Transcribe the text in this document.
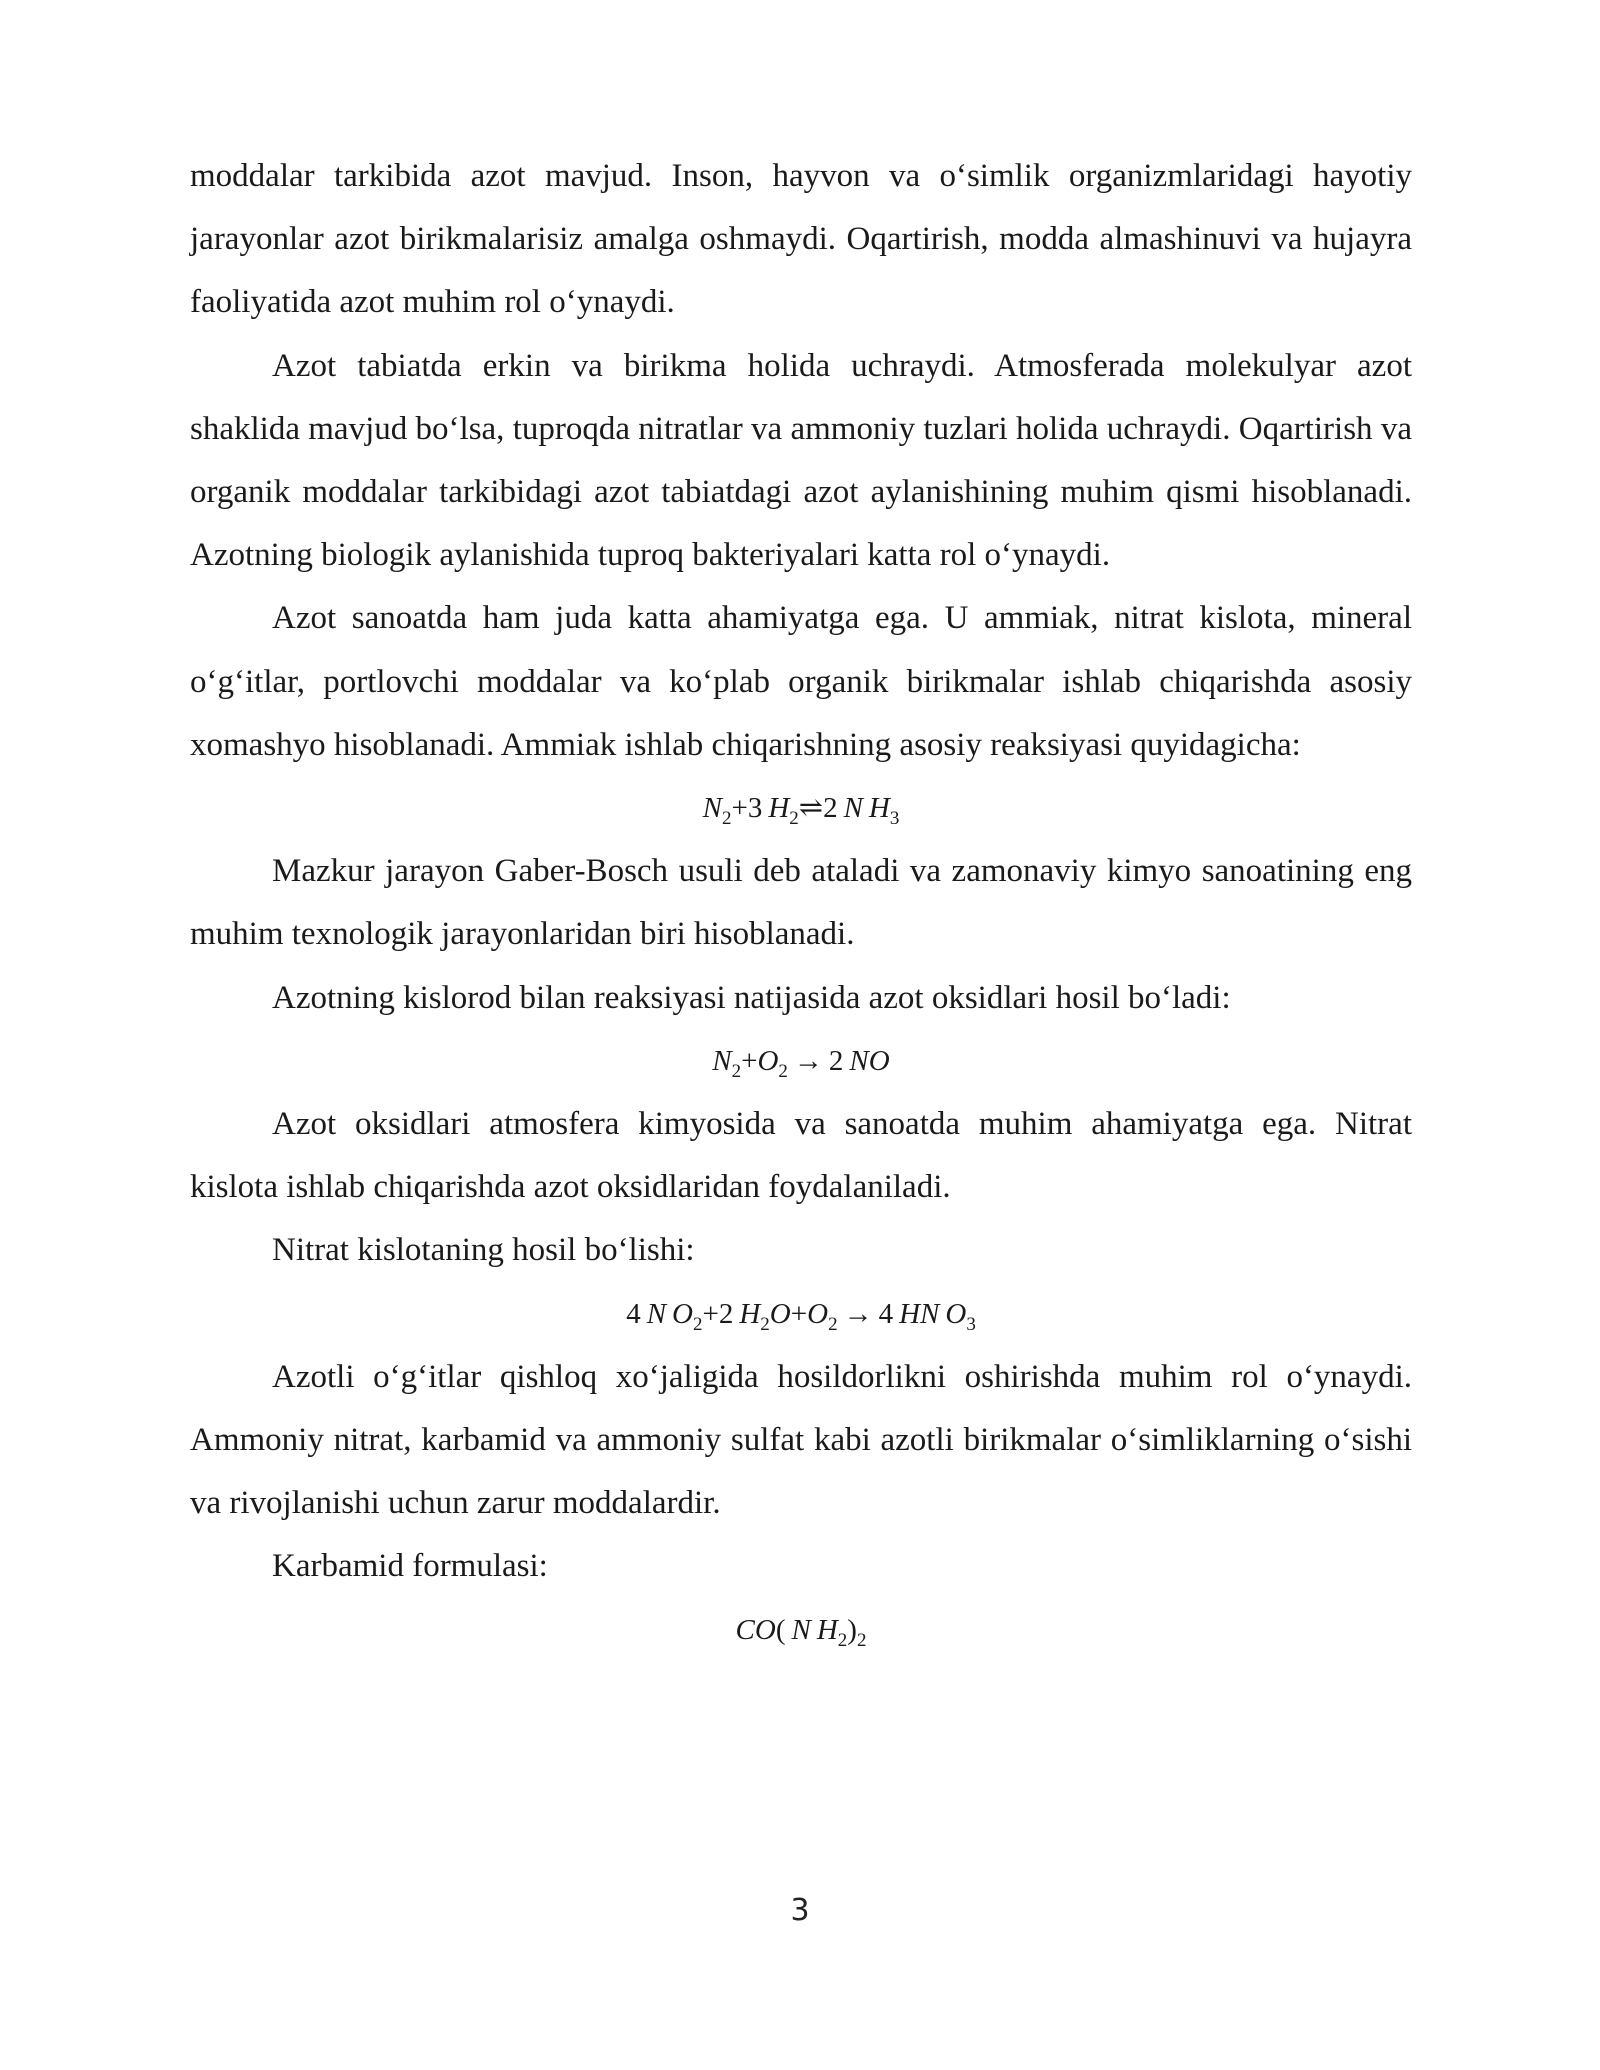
moddalar tarkibida azot mavjud. Inson, hayvon va o‘simlik organizmlaridagi hayotiy jarayonlar azot birikmalarisiz amalga oshmaydi. Oqartirish, modda almashinuvi va hujayra faoliyatida azot muhim rol o‘ynaydi.

Azot tabiatda erkin va birikma holida uchraydi. Atmosferada molekulyar azot shaklida mavjud bo‘lsa, tuproqda nitratlar va ammoniy tuzlari holida uchraydi. Oqartirish va organik moddalar tarkibidagi azot tabiatdagi azot aylanishining muhim qismi hisoblanadi. Azotning biologik aylanishida tuproq bakteriyalari katta rol o‘ynaydi.

Azot sanoatda ham juda katta ahamiyatga ega. U ammiak, nitrat kislota, mineral o‘g‘itlar, portlovchi moddalar va ko‘plab organik birikmalar ishlab chiqarishda asosiy xomashyo hisoblanadi. Ammiak ishlab chiqarishning asosiy reaksiyasi quyidagicha:

$N_2+3$ $H_2\rightleftharpoons 2$ N $H_3$

Mazkur jarayon Gaber-Bosch usuli deb ataladi va zamonaviy kimyo sanoatining eng muhim texnologik jarayonlaridan biri hisoblanadi.

Azotning kislorod bilan reaksiyasi natijasida azot oksidlari hosil bo‘ladi:

$N_2+O_2 \to 2$ NO

Azot oksidlari atmosfera kimyosida va sanoatda muhim ahamiyatga ega. Nitrat kislota ishlab chiqarishda azot oksidlaridan foydalaniladi.

Nitrat kislotaning hosil bo‘lishi:

4 N $O_2+2$ $H_2O+O_2 \to 4$ HN $O_3$

Azotli o‘g‘itlar qishloq xo‘jaligida hosildorlikni oshirishda muhim rol o‘ynaydi. Ammoniy nitrat, karbamid va ammoniy sulfat kabi azotli birikmalar o‘simliklarning o‘sishi va rivojlanishi uchun zarur moddalardir.

Karbamid formulasi:

CO( N $H_2)_2$
3
